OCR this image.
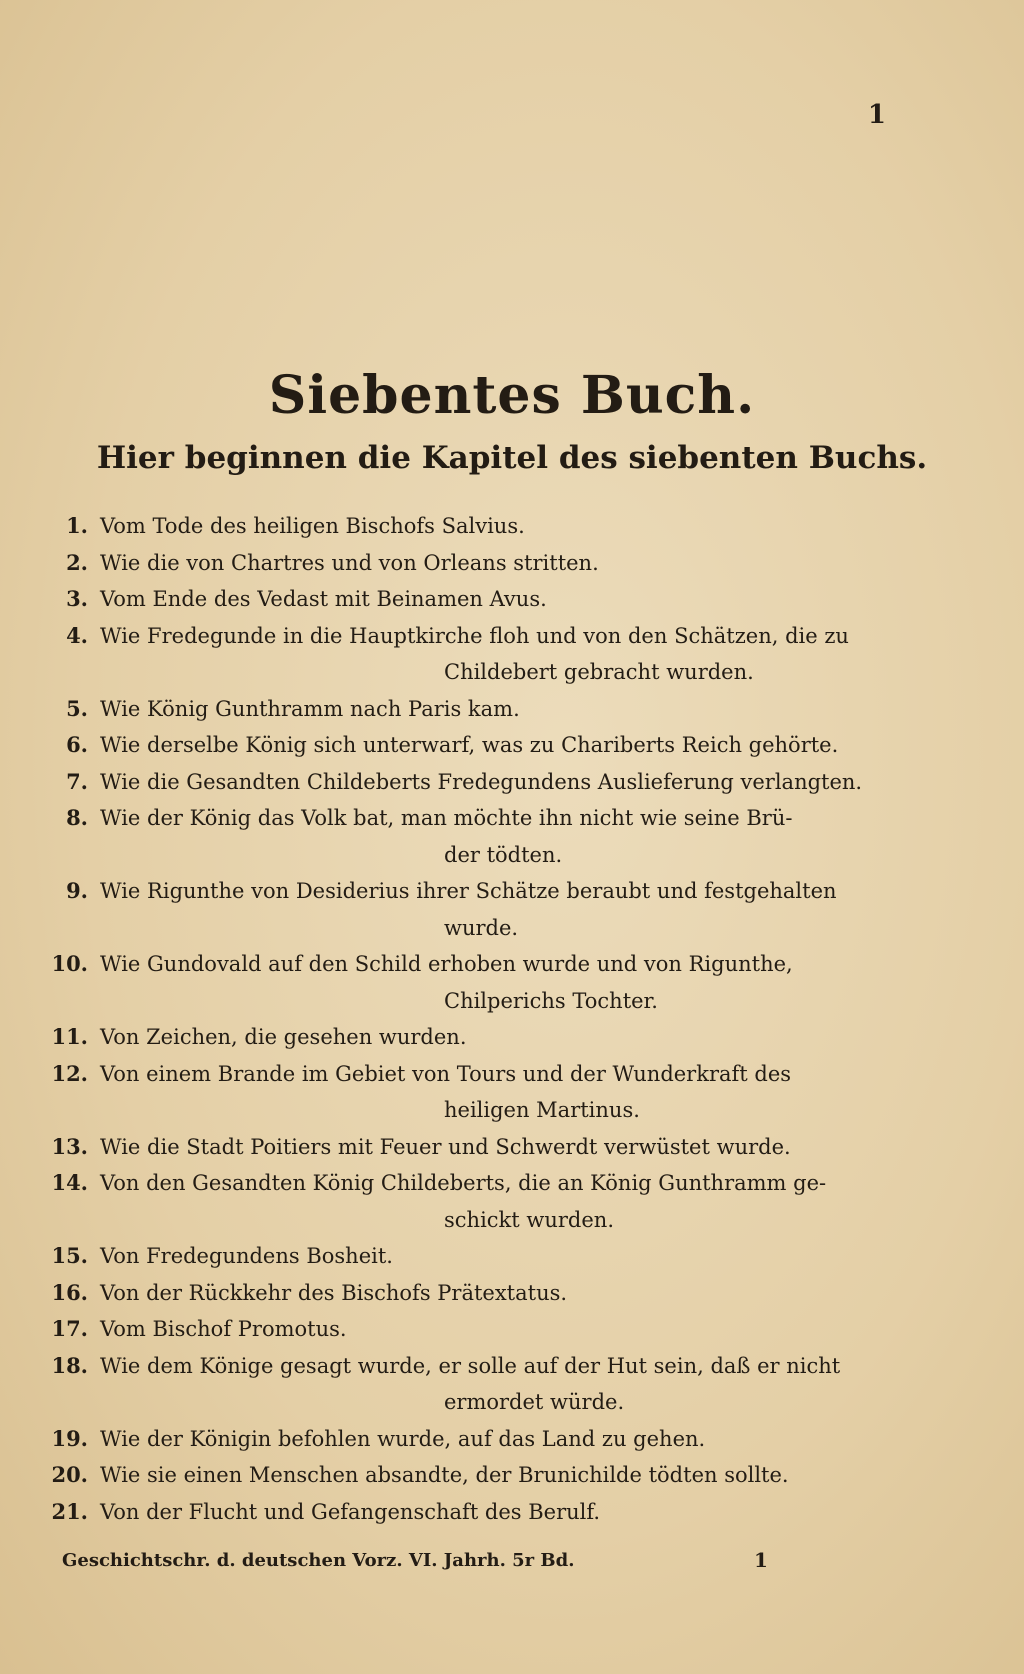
1
Siebentes Buch.
Hier beginnen die Kapitel des siebenten Buchs.
1. Vom Tode des heiligen Bischofs Salvius.
2. Wie die von Chartres und von Orleans stritten.
3. Vom Ende des Vedast mit Beinamen Avus.
4. Wie Fredegunde in die Hauptkirche floh und von den Schätzen, die zu
Childebert gebracht wurden.
5. Wie König Gunthramm nach Paris kam.
6. Wie derselbe König sich unterwarf, was zu Chariberts Reich gehörte.
7. Wie die Gesandten Childeberts Fredegundens Auslieferung verlangten.
8. Wie der König das Volk bat, man möchte ihn nicht wie seine Brü-
der tödten.
9. Wie Rigunthe von Desiderius ihrer Schätze beraubt und festgehalten
wurde.
10. Wie Gundovald auf den Schild erhoben wurde und von Rigunthe,
Chilperichs Tochter.
11. Von Zeichen, die gesehen wurden.
12. Von einem Brande im Gebiet von Tours und der Wunderkraft des
heiligen Martinus.
13. Wie die Stadt Poitiers mit Feuer und Schwerdt verwüstet wurde.
14. Von den Gesandten König Childeberts, die an König Gunthramm ge-
schickt wurden.
15. Von Fredegundens Bosheit.
16. Von der Rückkehr des Bischofs Prätextatus.
17. Vom Bischof Promotus.
18. Wie dem Könige gesagt wurde, er solle auf der Hut sein, daß er nicht
ermordet würde.
19. Wie der Königin befohlen wurde, auf das Land zu gehen.
20. Wie sie einen Menschen absandte, der Brunichilde tödten sollte.
21. Von der Flucht und Gefangenschaft des Berulf.
Geschichtschr. d. deutschen Vorz. VI. Jahrh. 5r Bd.	1
